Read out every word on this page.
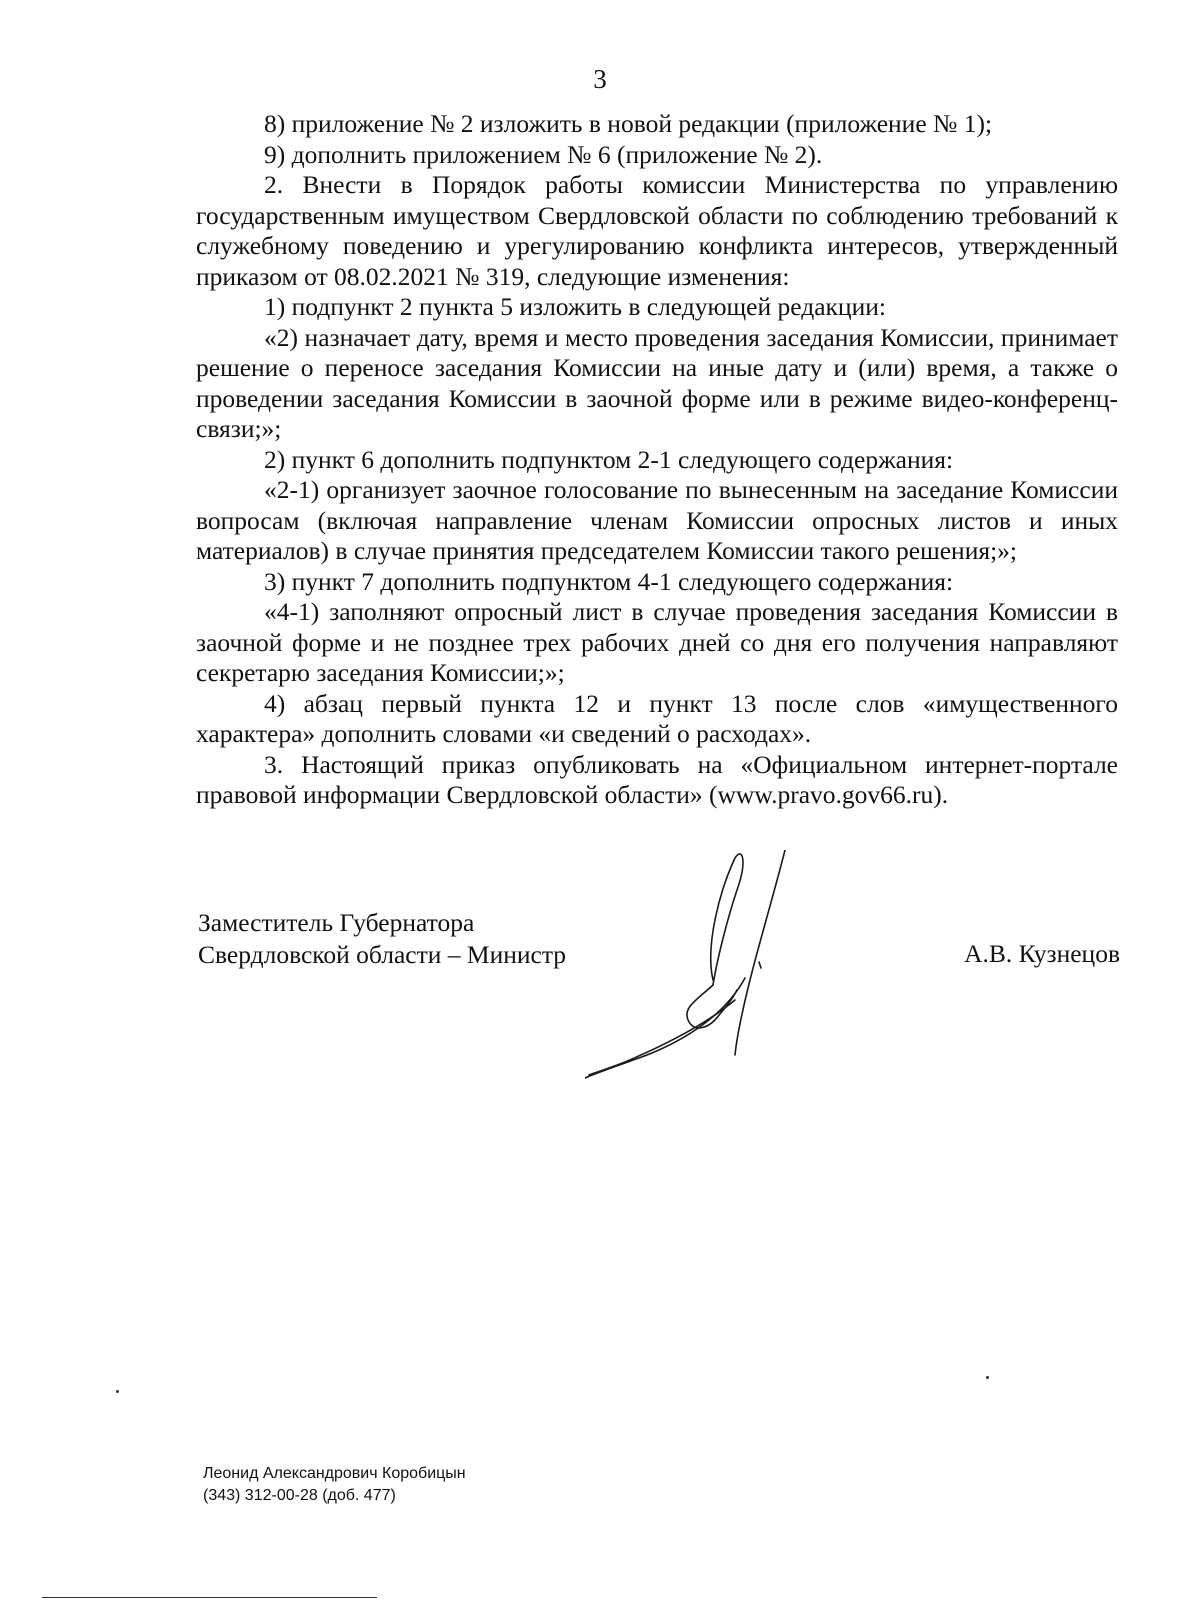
3

8) приложение № 2 изложить в новой редакции (приложение № 1);

9) дополнить приложением № 6 (приложение № 2).

2. Внести в Порядок работы комиссии Министерства по управлению государственным имуществом Свердловской области по соблюдению требований к служебному поведению и урегулированию конфликта интересов, утвержденный приказом от 08.02.2021 № 319, следующие изменения:

1) подпункт 2 пункта 5 изложить в следующей редакции:

«2) назначает дату, время и место проведения заседания Комиссии, принимает решение о переносе заседания Комиссии на иные дату и (или) время, а также о проведении заседания Комиссии в заочной форме или в режиме видео-конференц-связи;»;

2) пункт 6 дополнить подпунктом 2-1 следующего содержания:

«2-1) организует заочное голосование по вынесенным на заседание Комиссии вопросам (включая направление членам Комиссии опросных листов и иных материалов) в случае принятия председателем Комиссии такого решения;»;

3) пункт 7 дополнить подпунктом 4-1 следующего содержания:

«4-1) заполняют опросный лист в случае проведения заседания Комиссии в заочной форме и не позднее трех рабочих дней со дня его получения направляют секретарю заседания Комиссии;»;

4) абзац первый пункта 12 и пункт 13 после слов «имущественного характера» дополнить словами «и сведений о расходах».

3. Настоящий приказ опубликовать на «Официальном интернет-портале правовой информации Свердловской области» (www.pravo.gov66.ru).

Заместитель Губернатора
Свердловской области – Министр	А.В. Кузнецов
Леонид Александрович Коробицын
(343) 312-00-28 (доб. 477)
